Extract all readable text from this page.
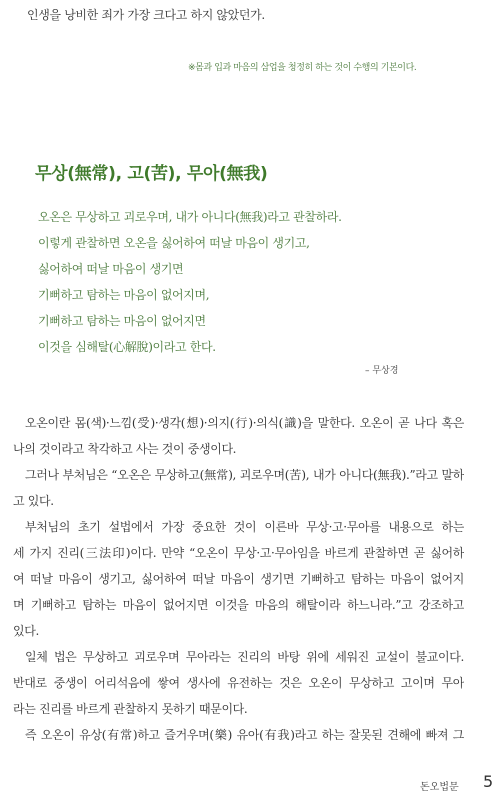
인생을 낭비한 죄가 가장 크다고 하지 않았던가.
※몸과 입과 마음의 삼업을 청정히 하는 것이 수행의 기본이다.
무상(無常), 고(苦), 무아(無我)
오온은 무상하고 괴로우며, 내가 아니다(無我)라고 관찰하라.
이렇게 관찰하면 오온을 싫어하여 떠날 마음이 생기고,
싫어하여 떠날 마음이 생기면
기뻐하고 탐하는 마음이 없어지며,
기뻐하고 탐하는 마음이 없어지면
이것을 심해탈(心解脫)이라고 한다.
– 무상경
오온이란 몸(색)·느낌(受)·생각(想)·의지(行)·의식(識)을 말한다. 오온이 곧 나다 혹은
나의 것이라고 착각하고 사는 것이 중생이다.
그러나 부처님은 “오온은 무상하고(無常), 괴로우며(苦), 내가 아니다(無我).”라고 말하
고 있다.
부처님의 초기 설법에서 가장 중요한 것이 이른바 무상·고·무아를 내용으로 하는
세 가지 진리(三法印)이다. 만약 “오온이 무상·고·무아임을 바르게 관찰하면 곧 싫어하
여 떠날 마음이 생기고, 싫어하여 떠날 마음이 생기면 기뻐하고 탐하는 마음이 없어지
며 기뻐하고 탐하는 마음이 없어지면 이것을 마음의 해탈이라 하느니라.”고 강조하고
있다.
일체 법은 무상하고 괴로우며 무아라는 진리의 바탕 위에 세워진 교설이 불교이다.
반대로 중생이 어리석음에 쌓여 생사에 유전하는 것은 오온이 무상하고 고이며 무아
라는 진리를 바르게 관찰하지 못하기 때문이다.
즉 오온이 유상(有常)하고 즐거우며(樂) 유아(有我)라고 하는 잘못된 견해에 빠져 그
돈오법문 5
